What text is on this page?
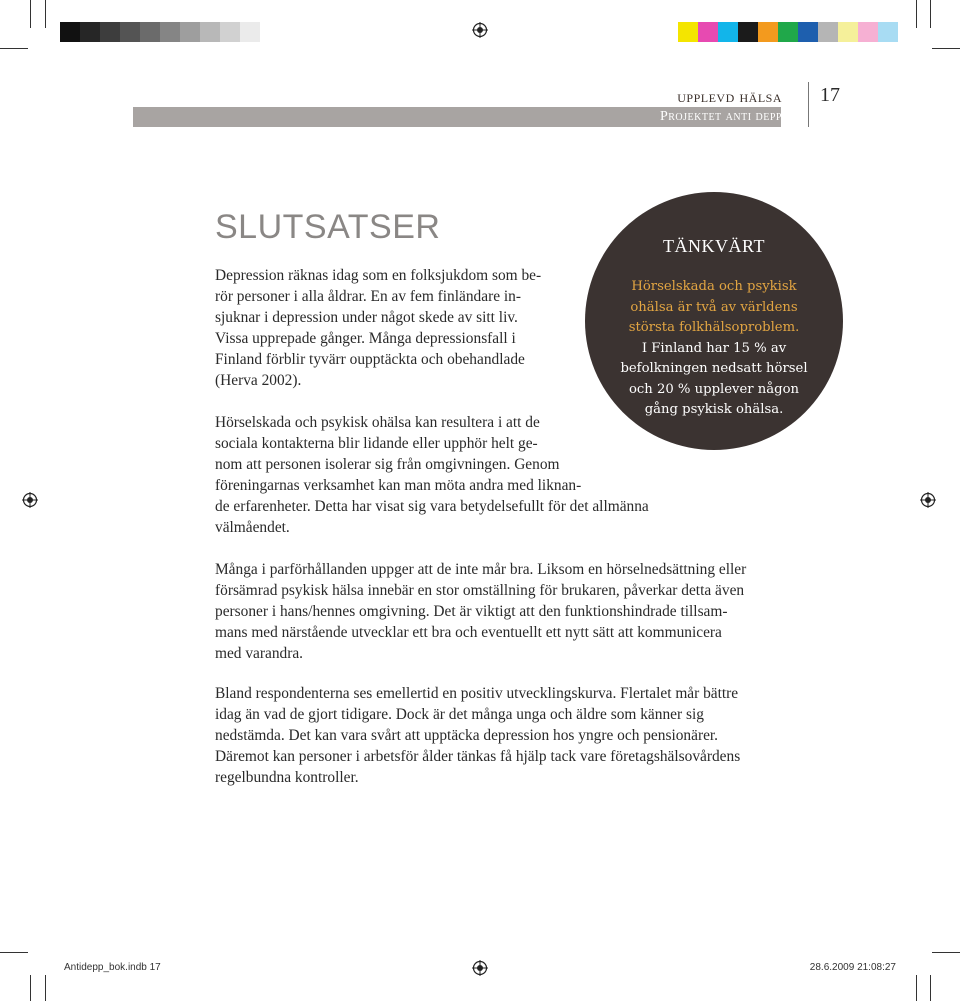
upplevd hälsa
Projektet anti depp
17
SLUTSATSER
Depression räknas idag som en folksjukdom som be-
rör personer i alla åldrar. En av fem finländare in-
sjuknar i depression under något skede av sitt liv.
Vissa upprepade gånger. Många depressionsfall i
Finland förblir tyvärr oupptäckta och obehandlade
(Herva 2002).
Hörselskada och psykisk ohälsa kan resultera i att de
sociala kontakterna blir lidande eller upphör helt ge-
nom att personen isolerar sig från omgivningen. Genom
föreningarnas verksamhet kan man möta andra med liknan-
de erfarenheter. Detta har visat sig vara betydelsefullt för det allmänna
välmåendet.
Många i parförhållanden uppger att de inte mår bra. Liksom en hörselnedsättning eller
försämrad psykisk hälsa innebär en stor omställning för brukaren, påverkar detta även
personer i hans/hennes omgivning. Det är viktigt att den funktionshindrade tillsam-
mans med närstående utvecklar ett bra och eventuellt ett nytt sätt att kommunicera
med varandra.
Bland respondenterna ses emellertid en positiv utvecklingskurva. Flertalet mår bättre
idag än vad de gjort tidigare. Dock är det många unga och äldre som känner sig
nedstämda. Det kan vara svårt att upptäcka depression hos yngre och pensionärer.
Däremot kan personer i arbetsför ålder tänkas få hjälp tack vare företagshälsovårdens
regelbundna kontroller.
TÄNKVÄRT
Hörselskada och psykisk
ohälsa är två av världens
största folkhälsoproblem.
I Finland har 15 % av
befolkningen nedsatt hörsel
och 20 % upplever någon
gång psykisk ohälsa.
Antidepp_bok.indb 17	28.6.2009 21:08:27
